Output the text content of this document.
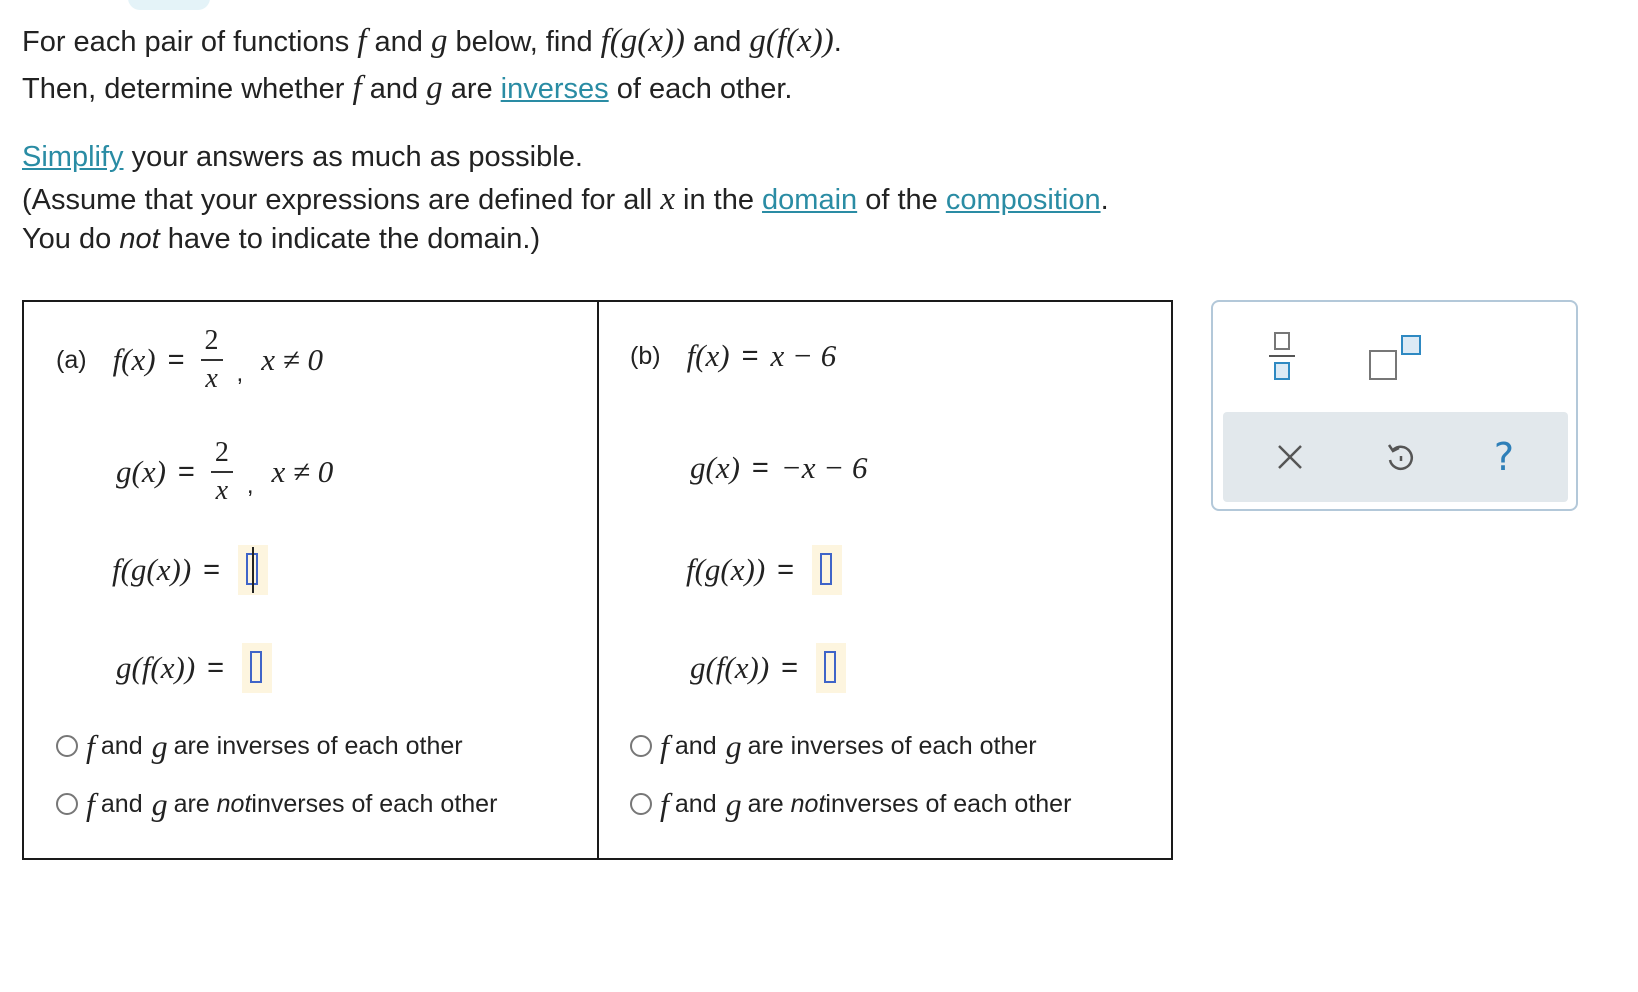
For each pair of functions f and g below, find f(g(x)) and g(f(x)).
Then, determine whether f and g are inverses of each other.
Simplify your answers as much as possible.
(Assume that your expressions are defined for all x in the domain of the composition.
You do not have to indicate the domain.)
(a) $f(x) = \frac{2}{x}$ , x ≠ 0
$g(x) = \frac{2}{x}$ , x ≠ 0
f(g(x)) =
g(f(x)) =
f and
g are inverses of each other
f and
g are
not inverses of each other
(b) f(x) = x − 6
g(x) = −x − 6
f(g(x)) =
g(f(x)) =
f and
g are inverses of each other
f and
g are
not inverses of each other
?
